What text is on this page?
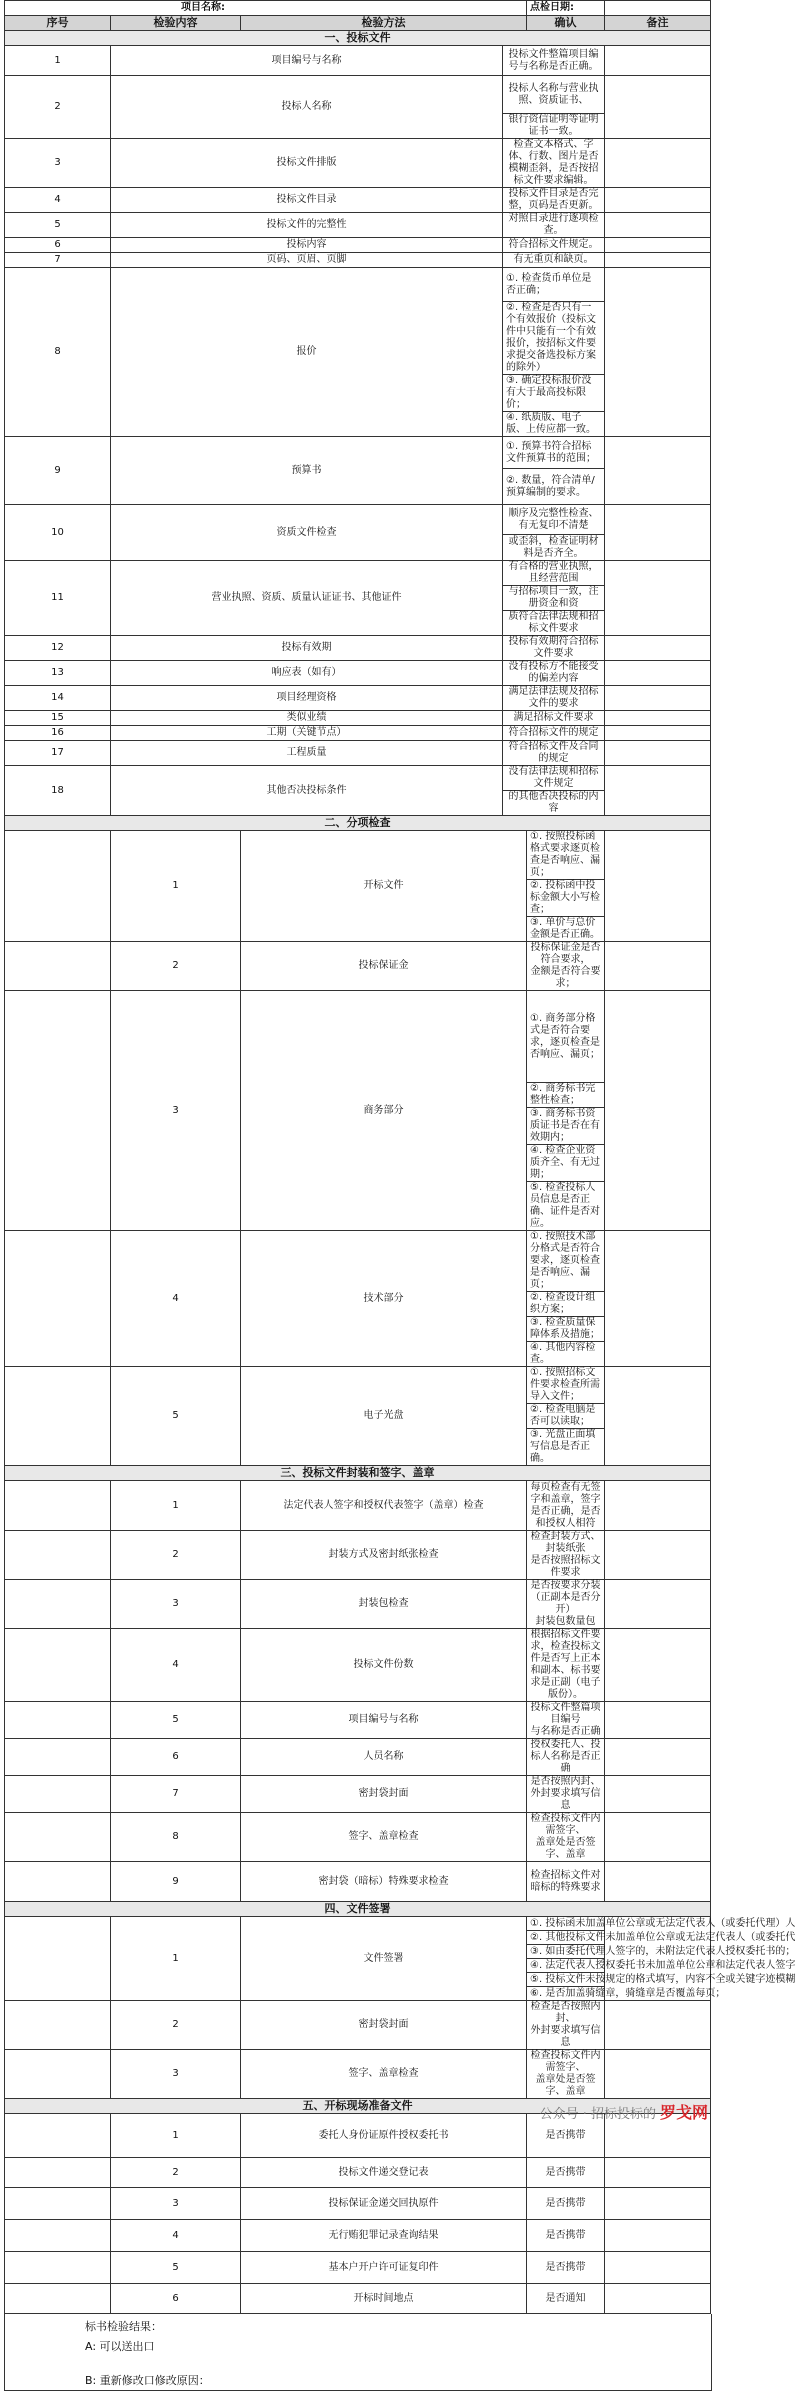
项目名称:				点检日期:		
序号	检验内容	检验方法		确认	备注	
一、投标文件						
1	项目编号与名称		投标文件整篇项目编号与名称是否正确。			
2	投标人名称		投标人名称与营业执照、资质证书、			
			银行资信证明等证明证书一致。			
3	投标文件排版		检查文本格式、字体、行数、图片是否模糊歪斜，是否按招标文件要求编辑。			
4	投标文件目录		投标文件目录是否完整，页码是否更新。			
5	投标文件的完整性		对照目录进行逐项检查。			
6	投标内容		符合招标文件规定。			
7	页码、页眉、页脚		有无重页和缺页。			
8	报价		①. 检查货币单位是否正确；			
			②. 检查是否只有一个有效报价（投标文件中只能有一个有效报价，按招标文件要求提交备选投标方案的除外）			
			③. 确定投标报价没有大于最高投标限价；			
			④. 纸质版、电子版、上传应都一致。			
9	预算书		①. 预算书符合招标文件预算书的范围；			
			②. 数量，符合清单/预算编制的要求。			
10	资质文件检查		顺序及完整性检查、有无复印不清楚			
			或歪斜，检查证明材料是否齐全。			
11	营业执照、资质、质量认证证书、其他证件		有合格的营业执照，且经营范围			
			与招标项目一致，注册资金和资			
			质符合法律法规和招标文件要求			
12	投标有效期		投标有效期符合招标文件要求			
13	响应表（如有）		没有投标方不能接受的偏差内容			
14	项目经理资格		满足法律法规及招标文件的要求			
15	类似业绩		满足招标文件要求			
16	工期（关键节点）		符合招标文件的规定			
17	工程质量		符合招标文件及合同的规定			
18	其他否决投标条件		没有法律法规和招标文件规定			
			的其他否决投标的内容			
二、分项检查						
	1	开标文件		①. 按照投标函格式要求逐页检查是否响应、漏页；		
				②. 投标函中投标金额大小写检查；		
				③. 单价与总价金额是否正确。		
	2	投标保证金		投标保证金是否符合要求，
金额是否符合要求；		
	3	商务部分		①. 商务部分格式是否符合要求，逐页检查是否响应、漏页；		
				②. 商务标书完整性检查；		
				③. 商务标书资质证书是否在有效期内；		
				④. 检查企业资质齐全、有无过期；		
				⑤. 检查投标人员信息是否正确、证件是否对应。		
	4	技术部分		①. 按照技术部分格式是否符合要求，逐页检查是否响应、漏页；		
				②. 检查设计组织方案；		
				③. 检查质量保障体系及措施；		
				④. 其他内容检查。		
	5	电子光盘		①. 按照招标文件要求检查所需导入文件；		
				②. 检查电脑是否可以读取；		
				③. 光盘正面填写信息是否正确。		
三、投标文件封装和签字、盖章						
	1	法定代表人签字和授权代表签字（盖章）检查		每页检查有无签字和盖章，签字是否正确，是否和授权人相符		
	2	封装方式及密封纸张检查		检查封装方式、封装纸张
是否按照招标文件要求		
	3	封装包检查		是否按要求分装（正副本是否分开）
封装包数量包		
	4	投标文件份数		根据招标文件要求，检查投标文件是否写上正本和副本、标书要求是正副（电子版份）。		
	5	项目编号与名称		投标文件整篇项目编号
与名称是否正确		
	6	人员名称		授权委托人、投标人名称是否正确		
	7	密封袋封面		是否按照内封、外封要求填写信息		
	8	签字、盖章检查		检查投标文件内需签字、
盖章处是否签字、盖章		
	9	密封袋（暗标）特殊要求检查		检查招标文件对暗标的特殊要求		
四、文件签署						
	1	文件签署		①. 投标函未加盖单位公章或无法定代表人（或委托代理）人		
				②. 其他投标文件未加盖单位公章或无法定代表人（或委托代		
				③. 如由委托代理人签字的，未附法定代表人授权委托书的；		
				④. 法定代表人授权委托书未加盖单位公章和法定代表人签字		
				⑤. 投标文件未按规定的格式填写，内容不全或关键字迹模糊		
				⑥. 是否加盖骑缝章，骑缝章是否覆盖每页；		
	2	密封袋封面		检查是否按照内封、
外封要求填写信息		
	3	签字、盖章检查		检查投标文件内需签字、
盖章处是否签字、盖章		
五、开标现场准备文件						
	1	委托人身份证原件授权委托书		是否携带		
	2	投标文件递交登记表		是否携带		
	3	投标保证金递交回执原件		是否携带		
	4	无行贿犯罪记录查询结果		是否携带		
	5	基本户开户许可证复印件		是否携带		
	6	开标时间地点		是否通知		
标书检验结果：
A: 可以送出口
B: 重新修改口修改原因：
公众号 · 招标投标的 罗戈网
